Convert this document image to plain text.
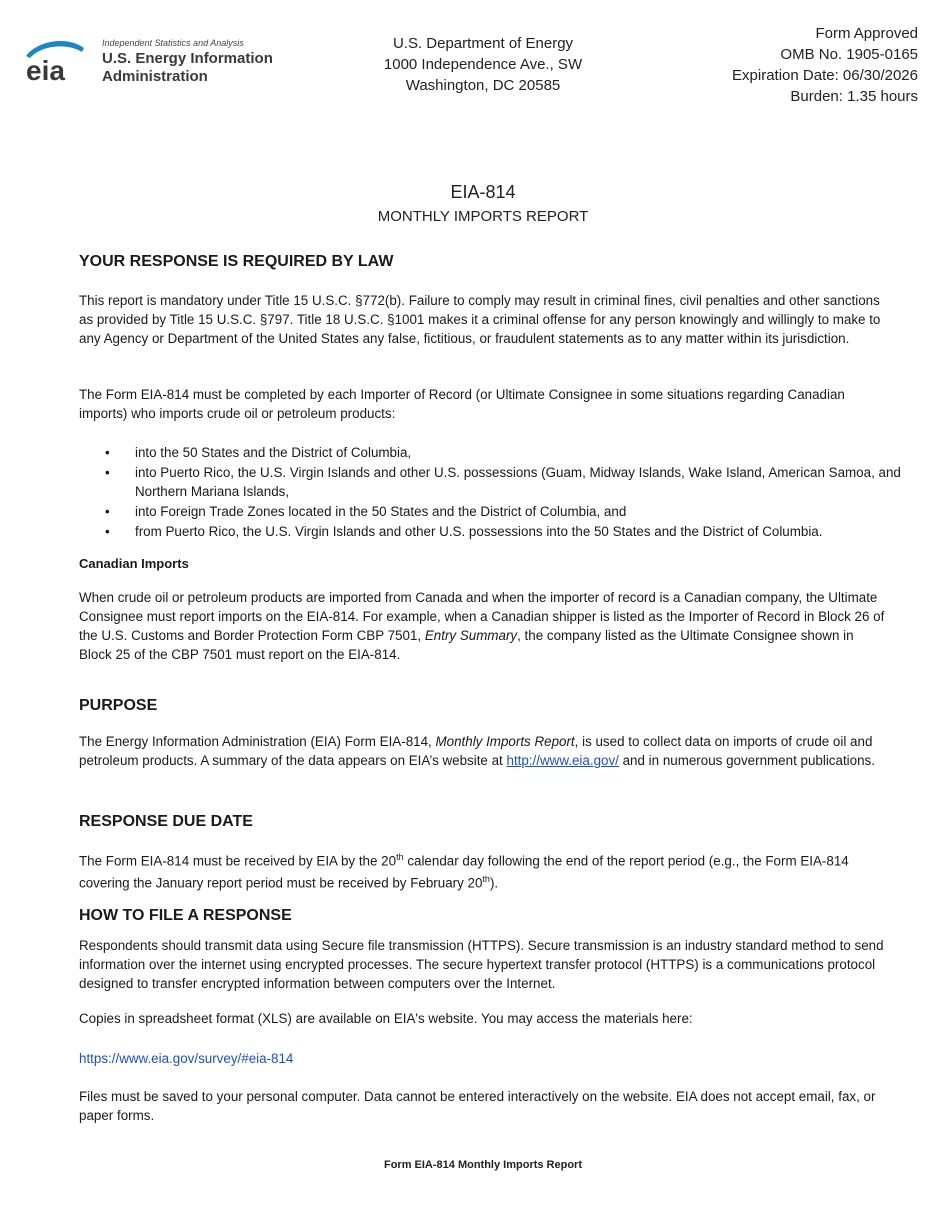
eia
Independent Statistics and Analysis
U.S. Energy Information
Administration
U.S. Department of Energy
1000 Independence Ave., SW
Washington, DC 20585
Form Approved
OMB No. 1905-0165
Expiration Date: 06/30/2026
Burden: 1.35 hours
EIA-814
MONTHLY IMPORTS REPORT
YOUR RESPONSE IS REQUIRED BY LAW
This report is mandatory under Title 15 U.S.C. §772(b). Failure to comply may result in criminal fines, civil penalties and other sanctions as provided by Title 15 U.S.C. §797. Title 18 U.S.C. §1001 makes it a criminal offense for any person knowingly and willingly to make to any Agency or Department of the United States any false, fictitious, or fraudulent statements as to any matter within its jurisdiction.
The Form EIA-814 must be completed by each Importer of Record (or Ultimate Consignee in some situations regarding Canadian imports) who imports crude oil or petroleum products:
• into the 50 States and the District of Columbia,
• into Puerto Rico, the U.S. Virgin Islands and other U.S. possessions (Guam, Midway Islands, Wake Island, American Samoa, and Northern Mariana Islands,
• into Foreign Trade Zones located in the 50 States and the District of Columbia, and
• from Puerto Rico, the U.S. Virgin Islands and other U.S. possessions into the 50 States and the District of Columbia.
Canadian Imports
When crude oil or petroleum products are imported from Canada and when the importer of record is a Canadian company, the Ultimate Consignee must report imports on the EIA-814. For example, when a Canadian shipper is listed as the Importer of Record in Block 26 of the U.S. Customs and Border Protection Form CBP 7501, Entry Summary, the company listed as the Ultimate Consignee shown in Block 25 of the CBP 7501 must report on the EIA-814.
PURPOSE
The Energy Information Administration (EIA) Form EIA-814, Monthly Imports Report, is used to collect data on imports of crude oil and petroleum products. A summary of the data appears on EIA’s website at http://www.eia.gov/ and in numerous government publications.
RESPONSE DUE DATE
The Form EIA-814 must be received by EIA by the 20th calendar day following the end of the report period (e.g., the Form EIA-814 covering the January report period must be received by February 20th).
HOW TO FILE A RESPONSE
Respondents should transmit data using Secure file transmission (HTTPS). Secure transmission is an industry standard method to send information over the internet using encrypted processes. The secure hypertext transfer protocol (HTTPS) is a communications protocol designed to transfer encrypted information between computers over the Internet.
Copies in spreadsheet format (XLS) are available on EIA's website. You may access the materials here:
https://www.eia.gov/survey/#eia-814
Files must be saved to your personal computer. Data cannot be entered interactively on the website. EIA does not accept email, fax, or paper forms.
Form EIA-814 Monthly Imports Report
